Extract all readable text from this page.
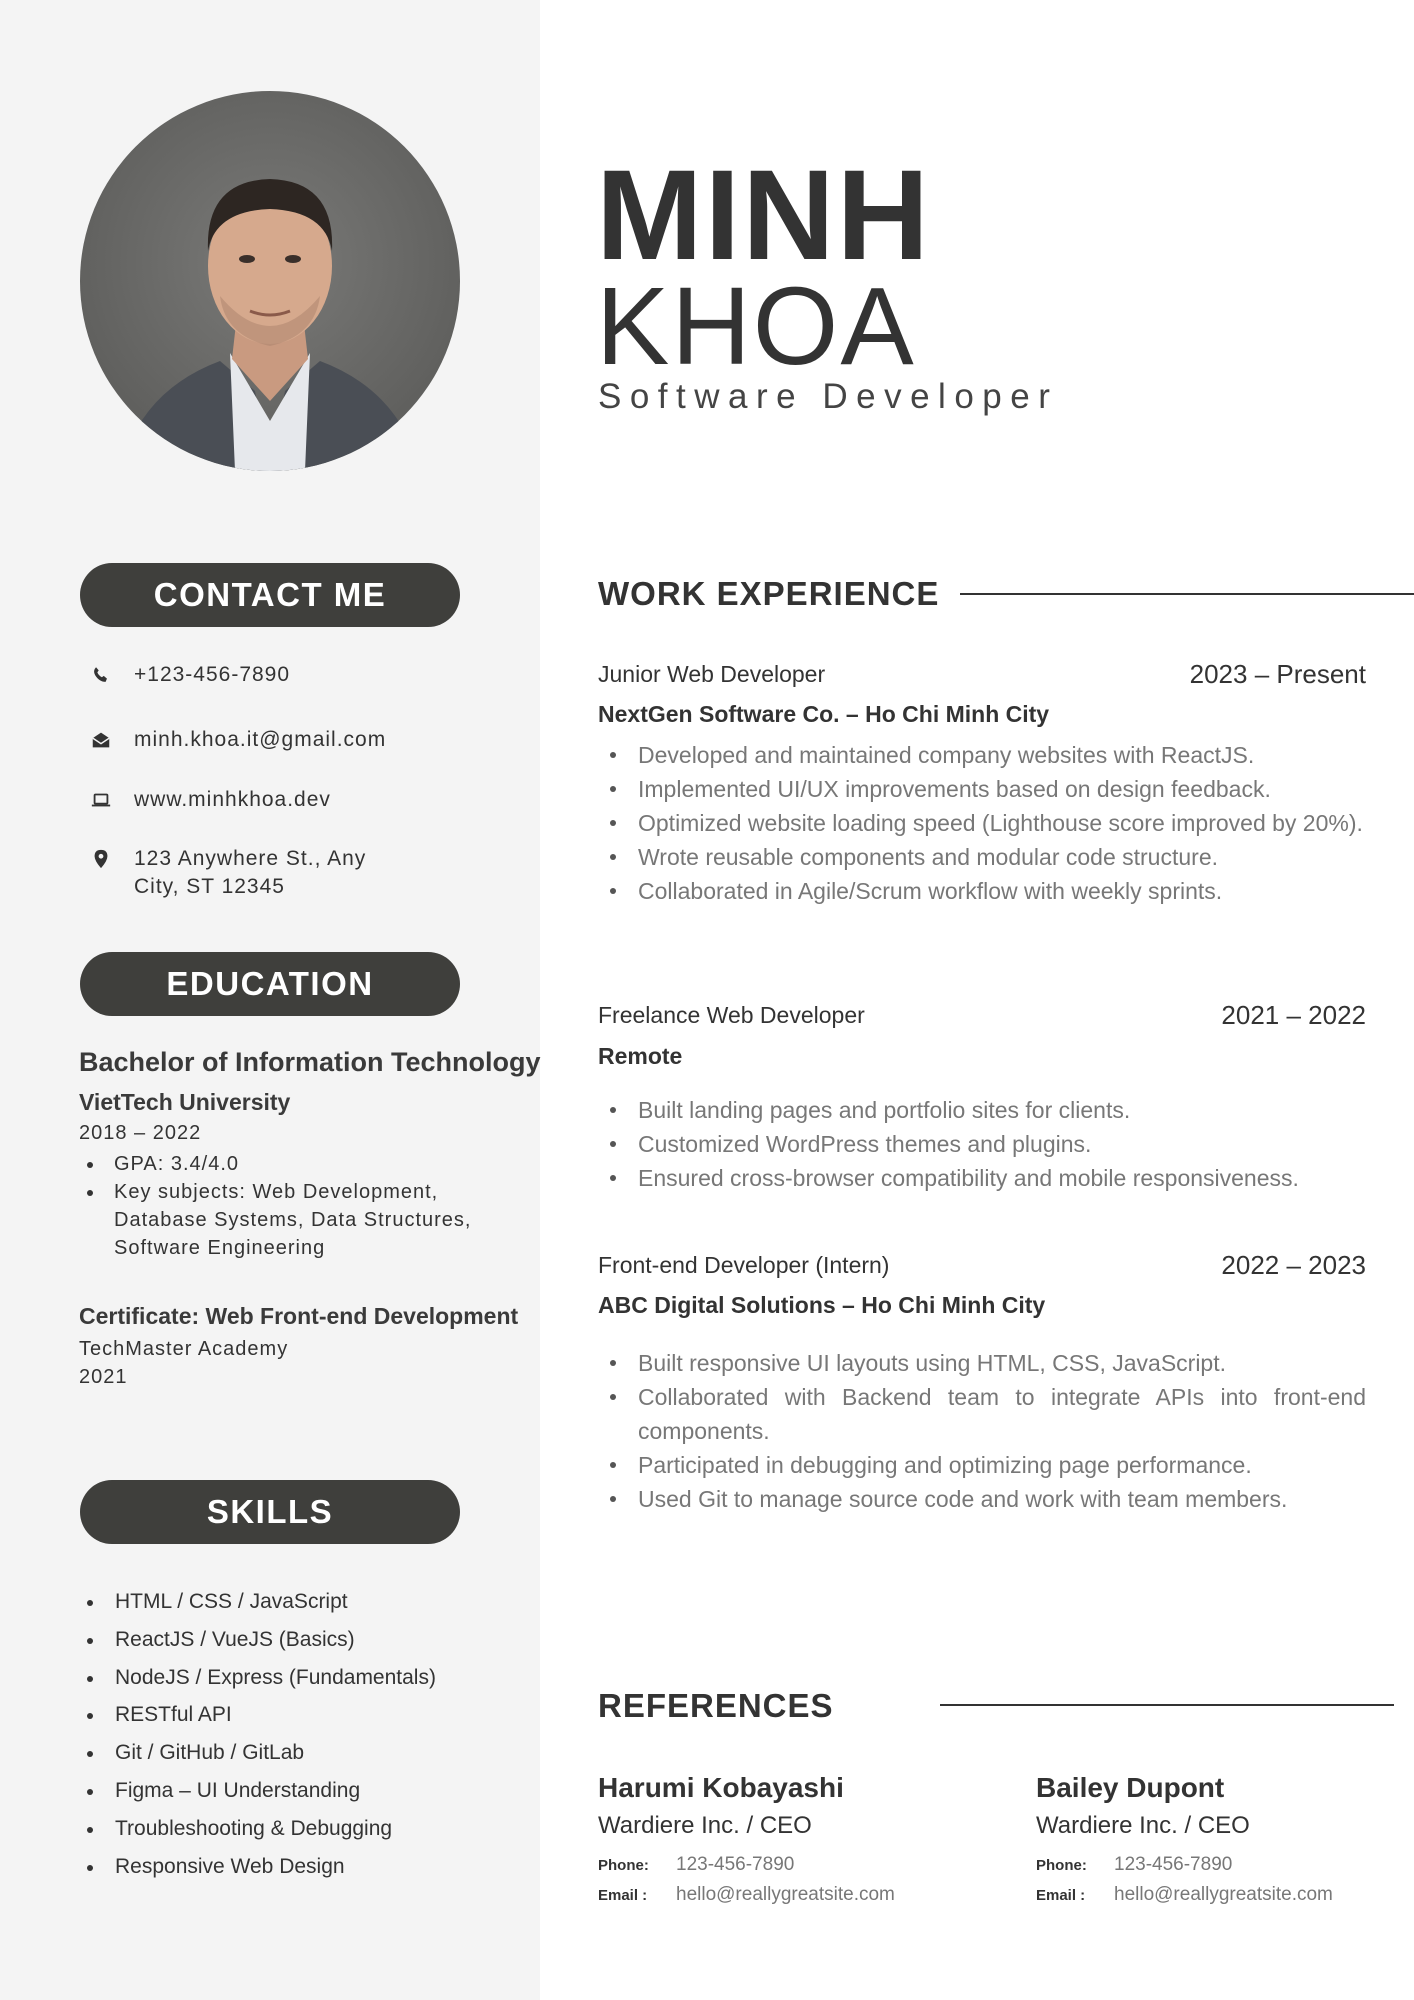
CONTACT ME
+123-456-7890
minh.khoa.it@gmail.com
www.minhkhoa.dev
123 Anywhere St., Any City, ST 12345
EDUCATION
Bachelor of Information Technology
VietTech University
2018 – 2022
GPA: 3.4/4.0
Key subjects: Web Development, Database Systems, Data Structures, Software Engineering
Certificate: Web Front-end Development
TechMaster Academy
2021
SKILLS
HTML / CSS / JavaScript
ReactJS / VueJS (Basics)
NodeJS / Express (Fundamentals)
RESTful API
Git / GitHub / GitLab
Figma – UI Understanding
Troubleshooting & Debugging
Responsive Web Design
MINH
KHOA
Software Developer
WORK EXPERIENCE
Junior Web Developer	2023 – Present
NextGen Software Co. – Ho Chi Minh City
Developed and maintained company websites with ReactJS.
Implemented UI/UX improvements based on design feedback.
Optimized website loading speed (Lighthouse score improved by 20%).
Wrote reusable components and modular code structure.
Collaborated in Agile/Scrum workflow with weekly sprints.
Freelance Web Developer	2021 – 2022
Remote
Built landing pages and portfolio sites for clients.
Customized WordPress themes and plugins.
Ensured cross-browser compatibility and mobile responsiveness.
Front-end Developer (Intern)	2022 – 2023
ABC Digital Solutions – Ho Chi Minh City
Built responsive UI layouts using HTML, CSS, JavaScript.
Collaborated with Backend team to integrate APIs into front-end components.
Participated in debugging and optimizing page performance.
Used Git to manage source code and work with team members.
REFERENCES
Harumi Kobayashi
Wardiere Inc. / CEO
Phone:	123-456-7890
Email :	hello@reallygreatsite.com
Bailey Dupont
Wardiere Inc. / CEO
Phone:	123-456-7890
Email :	hello@reallygreatsite.com
